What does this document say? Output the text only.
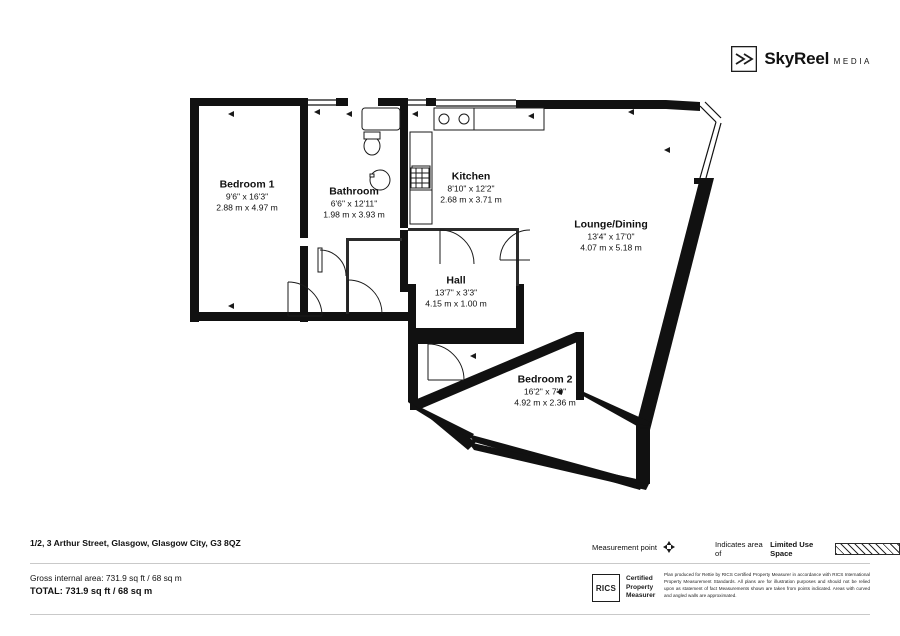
SkyReel MEDIA
Bedroom 1
9'6" x 16'3"
2.88 m x 4.97 m
Bathroom
6'6" x 12'11"
1.98 m x 3.93 m
Kitchen
8'10" x 12'2"
2.68 m x 3.71 m
Lounge/Dining
13'4" x 17'0"
4.07 m x 5.18 m
Hall
13'7" x 3'3"
4.15 m x 1.00 m
Bedroom 2
16'2" x 7'9"
4.92 m x 2.36 m
1/2, 3 Arthur Street, Glasgow, Glasgow City, G3 8QZ	Measurement point	Indicates area of
Limited Use Space
Gross internal area: 731.9 sq ft / 68 sq m
TOTAL: 731.9 sq ft / 68 sq m	RICS
Certified
Property
Measurer
Plan produced for Rettie by RICS Certified Property Measurer in accordance with RICS International Property Measurement Standards. All plans are for illustration purposes and should not be relied upon as statement of fact Measurements shown are taken from points indicated. Areas with curved and angled walls are approximated.
